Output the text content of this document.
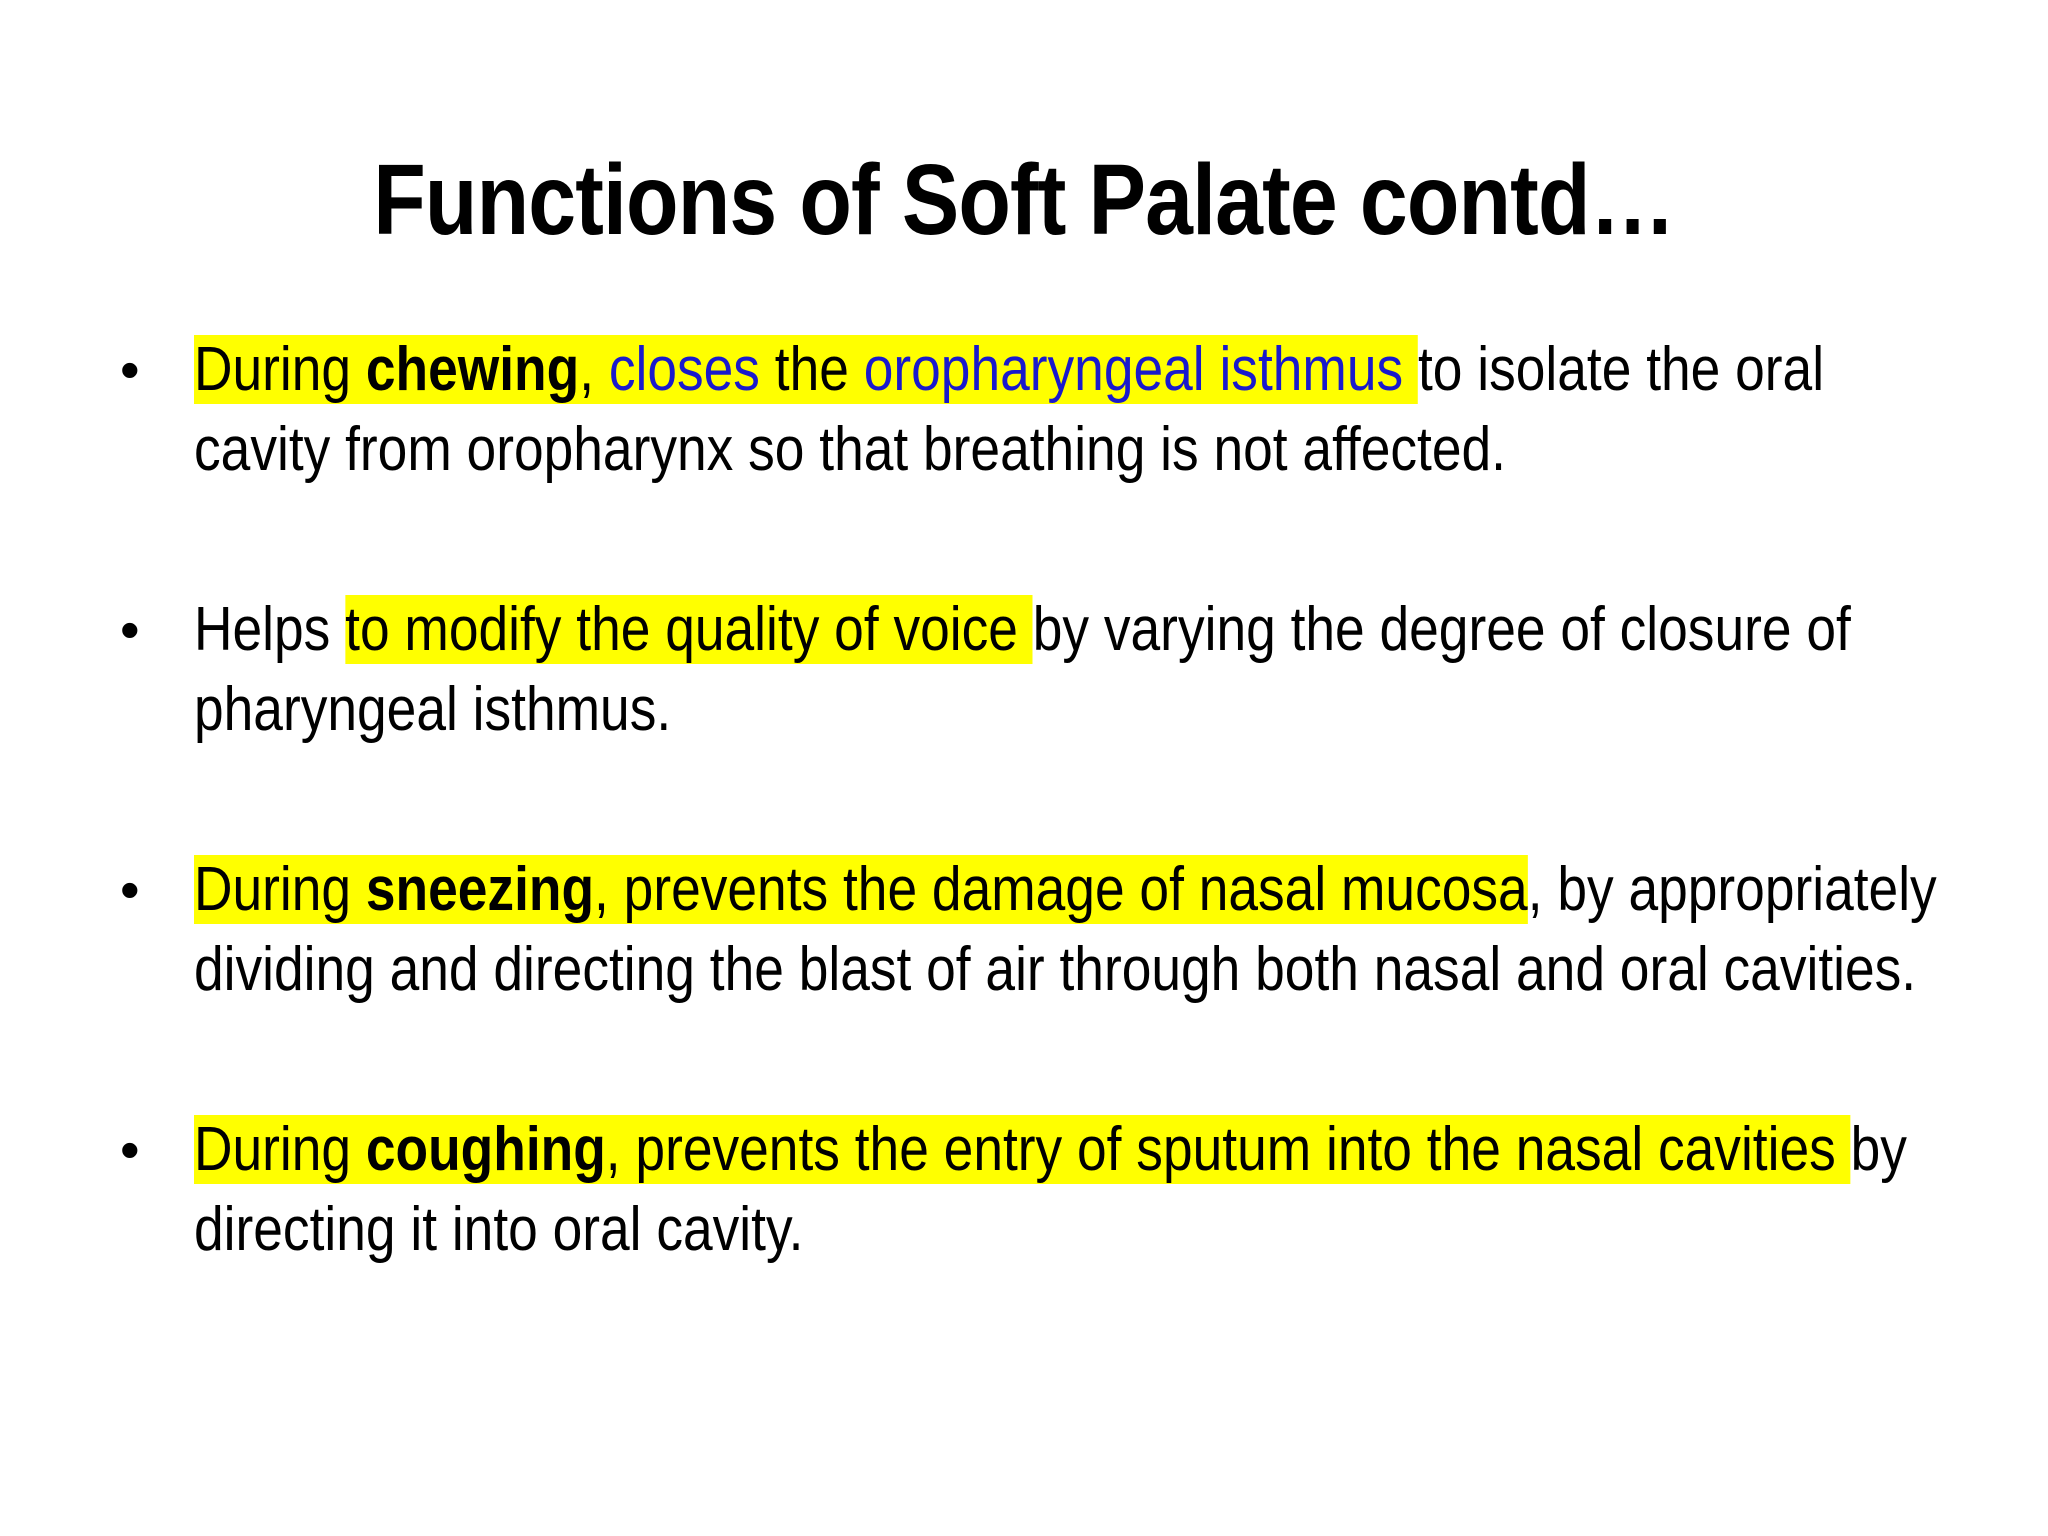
Functions of Soft Palate contd…
• During chewing, closes the oropharyngeal isthmus to isolate the oral cavity from oropharynx so that breathing is not affected.
• Helps to modify the quality of voice by varying the degree of closure of pharyngeal isthmus.
• During sneezing, prevents the damage of nasal mucosa, by appropriately dividing and directing the blast of air through both nasal and oral cavities.
• During coughing, prevents the entry of sputum into the nasal cavities by directing it into oral cavity.
